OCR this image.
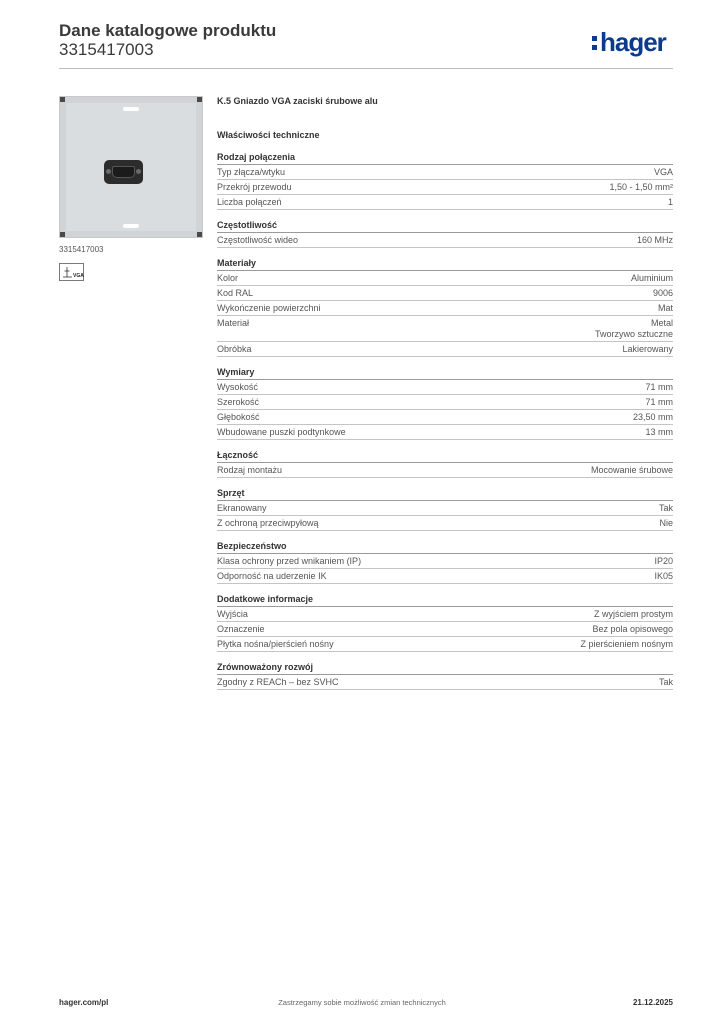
Dane katalogowe produktu
3315417003	hager
3315417003
VGA
K.5 Gniazdo VGA zaciski śrubowe alu
Właściwości techniczne
Rodzaj połączenia
Typ złącza/wtyku	VGA
Przekrój przewodu	1,50 - 1,50 mm²
Liczba połączeń	1
Częstotliwość
Częstotliwość wideo	160 MHz
Materiały
Kolor	Aluminium
Kod RAL	9006
Wykończenie powierzchni	Mat
Materiał	Metal
Tworzywo sztuczne
Obróbka	Lakierowany
Wymiary
Wysokość	71 mm
Szerokość	71 mm
Głębokość	23,50 mm
Wbudowane puszki podtynkowe	13 mm
Łączność
Rodzaj montażu	Mocowanie śrubowe
Sprzęt
Ekranowany	Tak
Z ochroną przeciwpyłową	Nie
Bezpieczeństwo
Klasa ochrony przed wnikaniem (IP)	IP20
Odporność na uderzenie IK	IK05
Dodatkowe informacje
Wyjścia	Z wyjściem prostym
Oznaczenie	Bez pola opisowego
Płytka nośna/pierścień nośny	Z pierścieniem nośnym
Zrównoważony rozwój
Zgodny z REACh – bez SVHC	Tak
hager.com/pl	Zastrzegamy sobie możliwość zmian technicznych	21.12.2025
